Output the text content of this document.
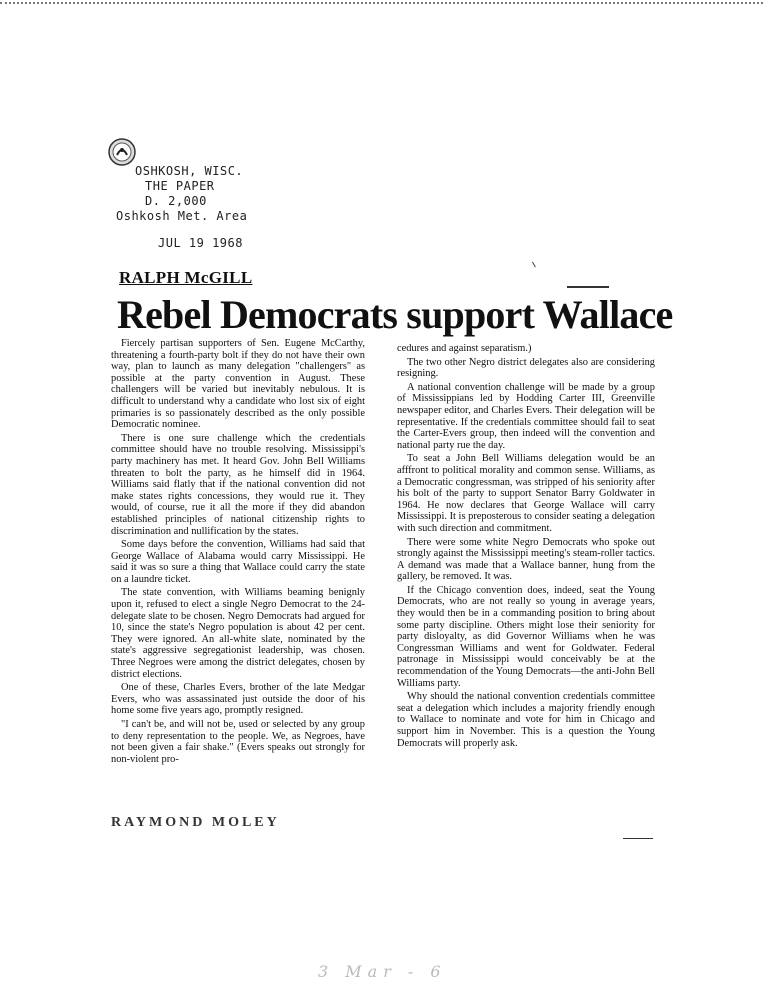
OSHKOSH, WISC.
THE PAPER
D. 2,000
Oshkosh Met. Area
JUL 19 1968
RALPH McGILL
Rebel Democrats support Wallace

Fiercely partisan supporters of Sen. Eugene McCarthy, threatening a fourth-party bolt if they do not have their own way, plan to launch as many delegation "challengers" as possible at the party convention in August. These challengers will be varied but inevitably nebulous. It is difficult to understand why a candidate who lost six of eight primaries is so passionately described as the only possible Democratic nominee.

There is one sure challenge which the credentials committee should have no trouble resolving. Mississippi's party machinery has met. It heard Gov. John Bell Williams threaten to bolt the party, as he himself did in 1964. Williams said flatly that if the national convention did not make states rights concessions, they would rue it. They would, of course, rue it all the more if they did abandon established principles of national citizenship rights to discrimination and nullification by the states.

Some days before the convention, Williams had said that George Wallace of Alabama would carry Mississippi. He said it was so sure a thing that Wallace could carry the state on a laundre ticket.

The state convention, with Williams beaming benignly upon it, refused to elect a single Negro Democrat to the 24-delegate slate to be chosen. Negro Democrats had argued for 10, since the state's Negro population is about 42 per cent. They were ignored. An all-white slate, nominated by the state's aggressive segregationist leadership, was chosen. Three Negroes were among the district delegates, chosen by district elections.

One of these, Charles Evers, brother of the late Medgar Evers, who was assassinated just outside the door of his home some five years ago, promptly resigned.

"I can't be, and will not be, used or selected by any group to deny representation to the people. We, as Negroes, have not been given a fair shake." (Evers speaks out strongly for non-violent pro-

cedures and against separatism.)

The two other Negro district delegates also are considering resigning.

A national convention challenge will be made by a group of Mississippians led by Hodding Carter III, Greenville newspaper editor, and Charles Evers. Their delegation will be representative. If the credentials committee should fail to seat the Carter-Evers group, then indeed will the convention and national party rue the day.

To seat a John Bell Williams delegation would be an afffront to political morality and common sense. Williams, as a Democratic congressman, was stripped of his seniority after his bolt of the party to support Senator Barry Goldwater in 1964. He now declares that George Wallace will carry Mississippi. It is preposterous to consider seating a delegation with such direction and commitment.

There were some white Negro Democrats who spoke out strongly against the Mississippi meeting's steam-roller tactics. A demand was made that a Wallace banner, hung from the gallery, be removed. It was.

If the Chicago convention does, indeed, seat the Young Democrats, who are not really so young in average years, they would then be in a commanding position to bring about some party discipline. Others might lose their seniority for party disloyalty, as did Governor Williams when he was Congressman Williams and went for Goldwater. Federal patronage in Mississippi would conceivably be at the recommendation of the Young Democrats—the anti-John Bell Williams party.

Why should the national convention credentials committee seat a delegation which includes a majority friendly enough to Wallace to nominate and vote for him in Chicago and support him in November. This is a question the Young Democrats will properly ask.

RAYMOND MOLEY
3 Mar - 6
